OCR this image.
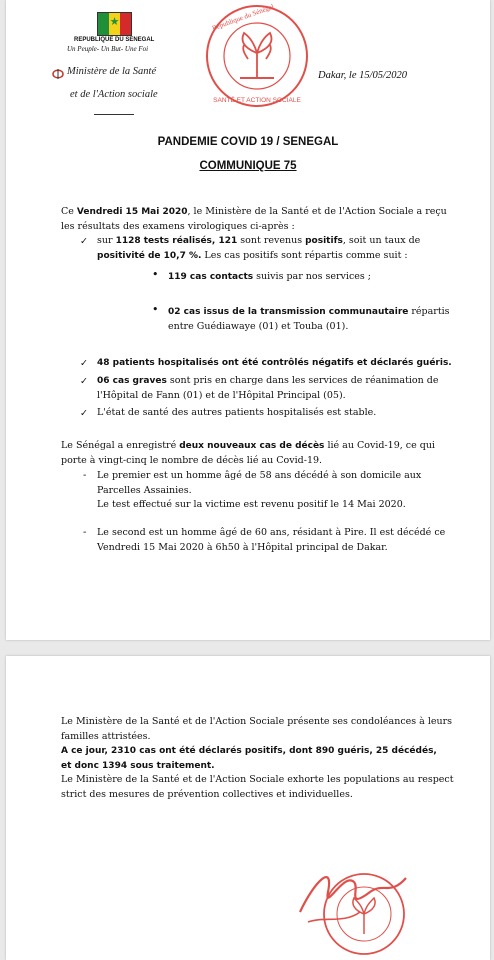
★
REPUBLIQUE DU SENEGAL
Un Peuple- Un But- Une Foi
Ministère de la Santé
et de l'Action sociale
République du Sénégal
SANTÉ ET ACTION SOCIALE
Dakar, le 15/05/2020
PANDEMIE COVID 19 / SENEGAL
COMMUNIQUE 75
Ce Vendredi 15 Mai 2020, le Ministère de la Santé et de l'Action Sociale a reçu
les résultats des examens virologiques ci-après :
✓ sur 1128 tests réalisés, 121 sont revenus positifs, soit un taux de
positivité de 10,7 %. Les cas positifs sont répartis comme suit :
• 119 cas contacts suivis par nos services ;
• 02 cas issus de la transmission communautaire répartis
entre Guédiawaye (01) et Touba (01).
✓ 48 patients hospitalisés ont été contrôlés négatifs et déclarés guéris.
✓ 06 cas graves sont pris en charge dans les services de réanimation de
l'Hôpital de Fann (01) et de l'Hôpital Principal (05).
✓ L'état de santé des autres patients hospitalisés est stable.
Le Sénégal a enregistré deux nouveaux cas de décès lié au Covid-19, ce qui
porte à vingt-cinq le nombre de décès lié au Covid-19.
- Le premier est un homme âgé de 58 ans décédé à son domicile aux
Parcelles Assainies.
Le test effectué sur la victime est revenu positif le 14 Mai 2020.
- Le second est un homme âgé de 60 ans, résidant à Pire. Il est décédé ce
Vendredi 15 Mai 2020 à 6h50 à l'Hôpital principal de Dakar.
Le Ministère de la Santé et de l'Action Sociale présente ses condoléances à leurs
familles attristées.
A ce jour, 2310 cas ont été déclarés positifs, dont 890 guéris, 25 décédés,
et donc 1394 sous traitement.
Le Ministère de la Santé et de l'Action Sociale exhorte les populations au respect
strict des mesures de prévention collectives et individuelles.
